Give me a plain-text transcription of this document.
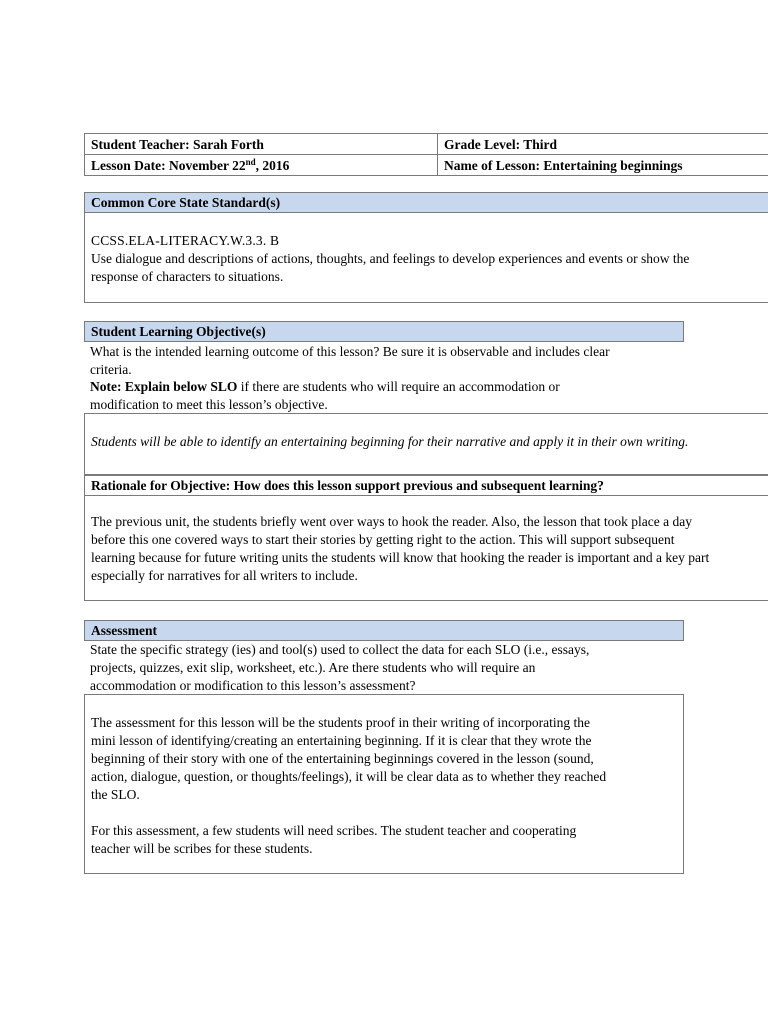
Student Teacher: Sarah Forth	Grade Level: Third
Lesson Date: November 22nd, 2016	Name of Lesson: Entertaining beginnings
Common Core State Standard(s)
CCSS.ELA-LITERACY.W.3.3. B
Use dialogue and descriptions of actions, thoughts, and feelings to develop experiences and events or show the
response of characters to situations.
Student Learning Objective(s)
What is the intended learning outcome of this lesson? Be sure it is observable and includes clear
criteria.
Note: Explain below SLO if there are students who will require an accommodation or
modification to meet this lesson’s objective.
Students will be able to identify an entertaining beginning for their narrative and apply it in their own writing.
Rationale for Objective: How does this lesson support previous and subsequent learning?
The previous unit, the students briefly went over ways to hook the reader. Also, the lesson that took place a day
before this one covered ways to start their stories by getting right to the action. This will support subsequent
learning because for future writing units the students will know that hooking the reader is important and a key part
especially for narratives for all writers to include.
Assessment
State the specific strategy (ies) and tool(s) used to collect the data for each SLO (i.e., essays,
projects, quizzes, exit slip, worksheet, etc.). Are there students who will require an
accommodation or modification to this lesson’s assessment?
The assessment for this lesson will be the students proof in their writing of incorporating the
mini lesson of identifying/creating an entertaining beginning. If it is clear that they wrote the
beginning of their story with one of the entertaining beginnings covered in the lesson (sound,
action, dialogue, question, or thoughts/feelings), it will be clear data as to whether they reached
the SLO.
For this assessment, a few students will need scribes. The student teacher and cooperating
teacher will be scribes for these students.
